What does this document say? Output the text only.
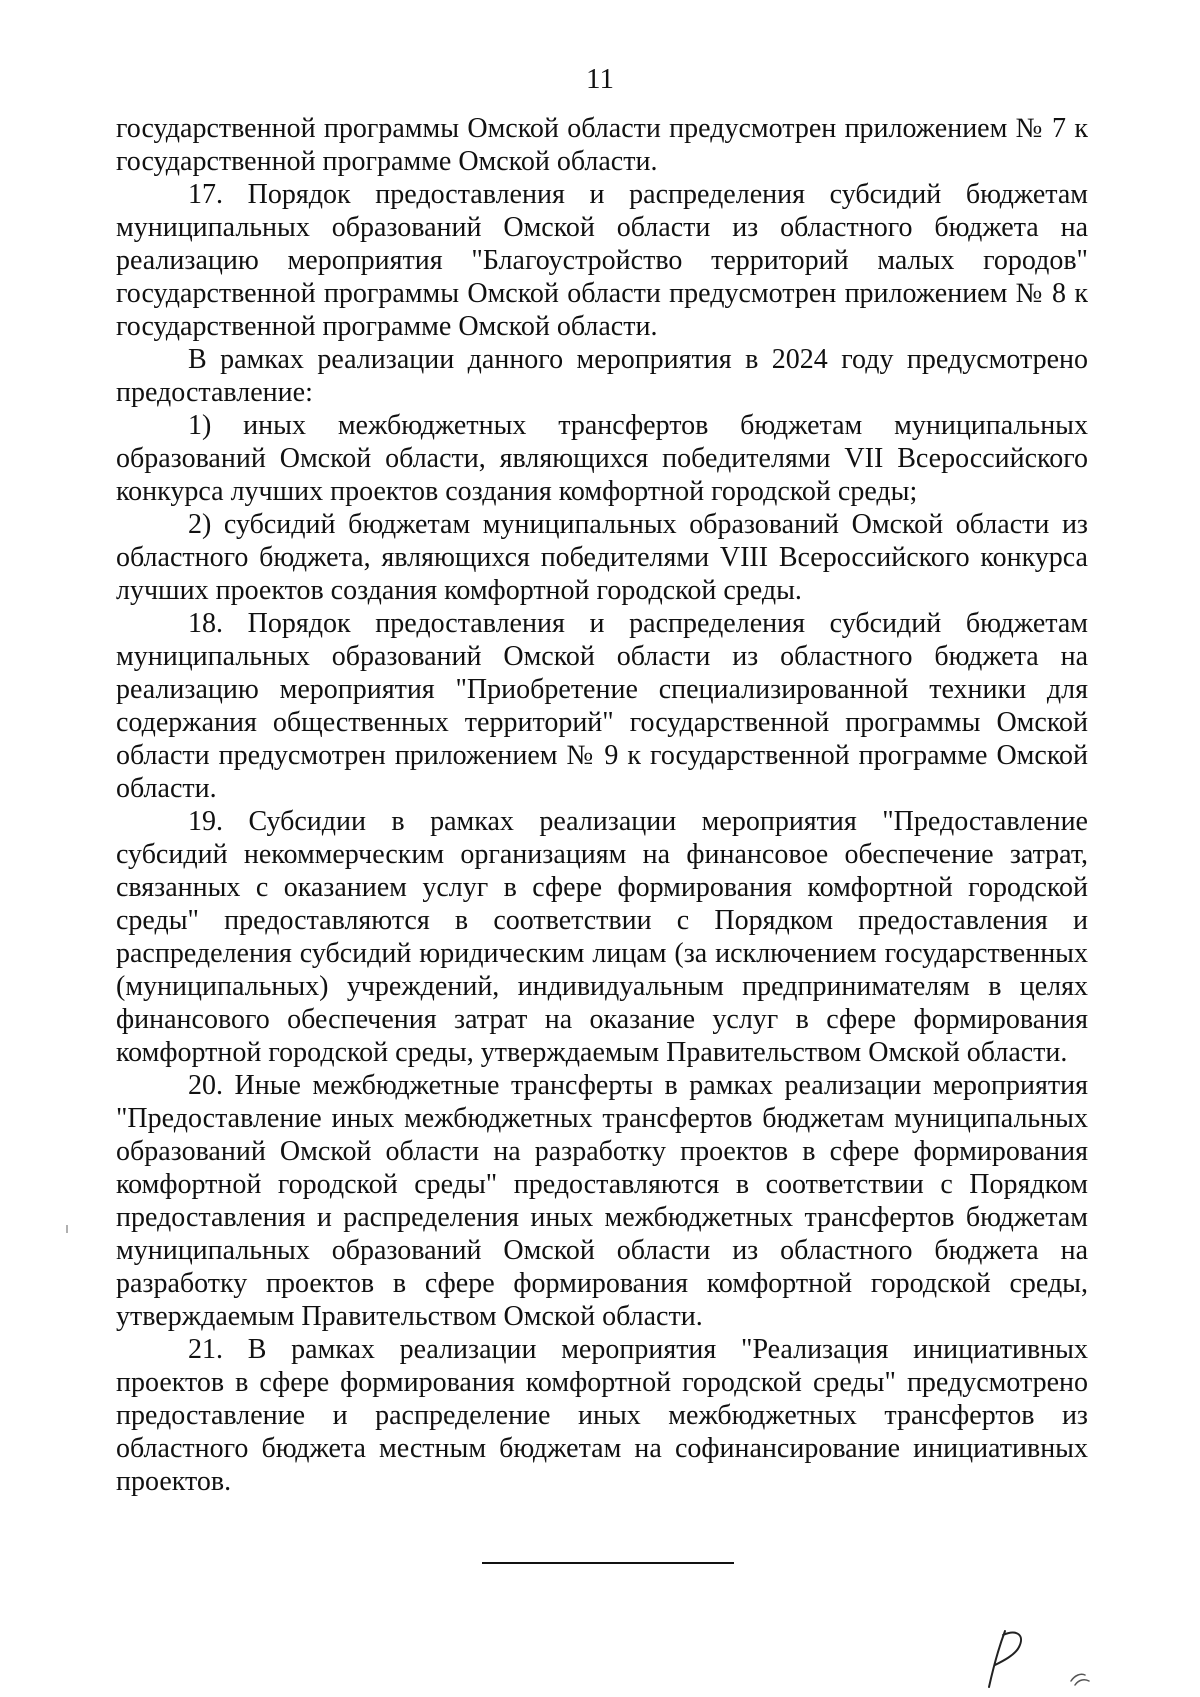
11

государственной программы Омской области предусмотрен приложением № 7 к государственной программе Омской области.

17. Порядок предоставления и распределения субсидий бюджетам муниципальных образований Омской области из областного бюджета на реализацию мероприятия "Благоустройство территорий малых городов" государственной программы Омской области предусмотрен приложением № 8 к государственной программе Омской области.

В рамках реализации данного мероприятия в 2024 году предусмотрено предоставление:

1) иных межбюджетных трансфертов бюджетам муниципальных образований Омской области, являющихся победителями VII Всероссийского конкурса лучших проектов создания комфортной городской среды;

2) субсидий бюджетам муниципальных образований Омской области из областного бюджета, являющихся победителями VIII Всероссийского конкурса лучших проектов создания комфортной городской среды.

18. Порядок предоставления и распределения субсидий бюджетам муниципальных образований Омской области из областного бюджета на реализацию мероприятия "Приобретение специализированной техники для содержания общественных территорий" государственной программы Омской области предусмотрен приложением № 9 к государственной программе Омской области.

19. Субсидии в рамках реализации мероприятия "Предоставление субсидий некоммерческим организациям на финансовое обеспечение затрат, связанных с оказанием услуг в сфере формирования комфортной городской среды" предоставляются в соответствии с Порядком предоставления и распределения субсидий юридическим лицам (за исключением государственных (муниципальных) учреждений, индивидуальным предпринимателям в целях финансового обеспечения затрат на оказание услуг в сфере формирования комфортной городской среды, утверждаемым Правительством Омской области.

20. Иные межбюджетные трансферты в рамках реализации мероприятия "Предоставление иных межбюджетных трансфертов бюджетам муниципальных образований Омской области на разработку проектов в сфере формирования комфортной городской среды" предоставляются в соответствии с Порядком предоставления и распределения иных межбюджетных трансфертов бюджетам муниципальных образований Омской области из областного бюджета на разработку проектов в сфере формирования комфортной городской среды, утверждаемым Правительством Омской области.

21. В рамках реализации мероприятия "Реализация инициативных проектов в сфере формирования комфортной городской среды" предусмотрено предоставление и распределение иных межбюджетных трансфертов из областного бюджета местным бюджетам на софинансирование инициативных проектов.
